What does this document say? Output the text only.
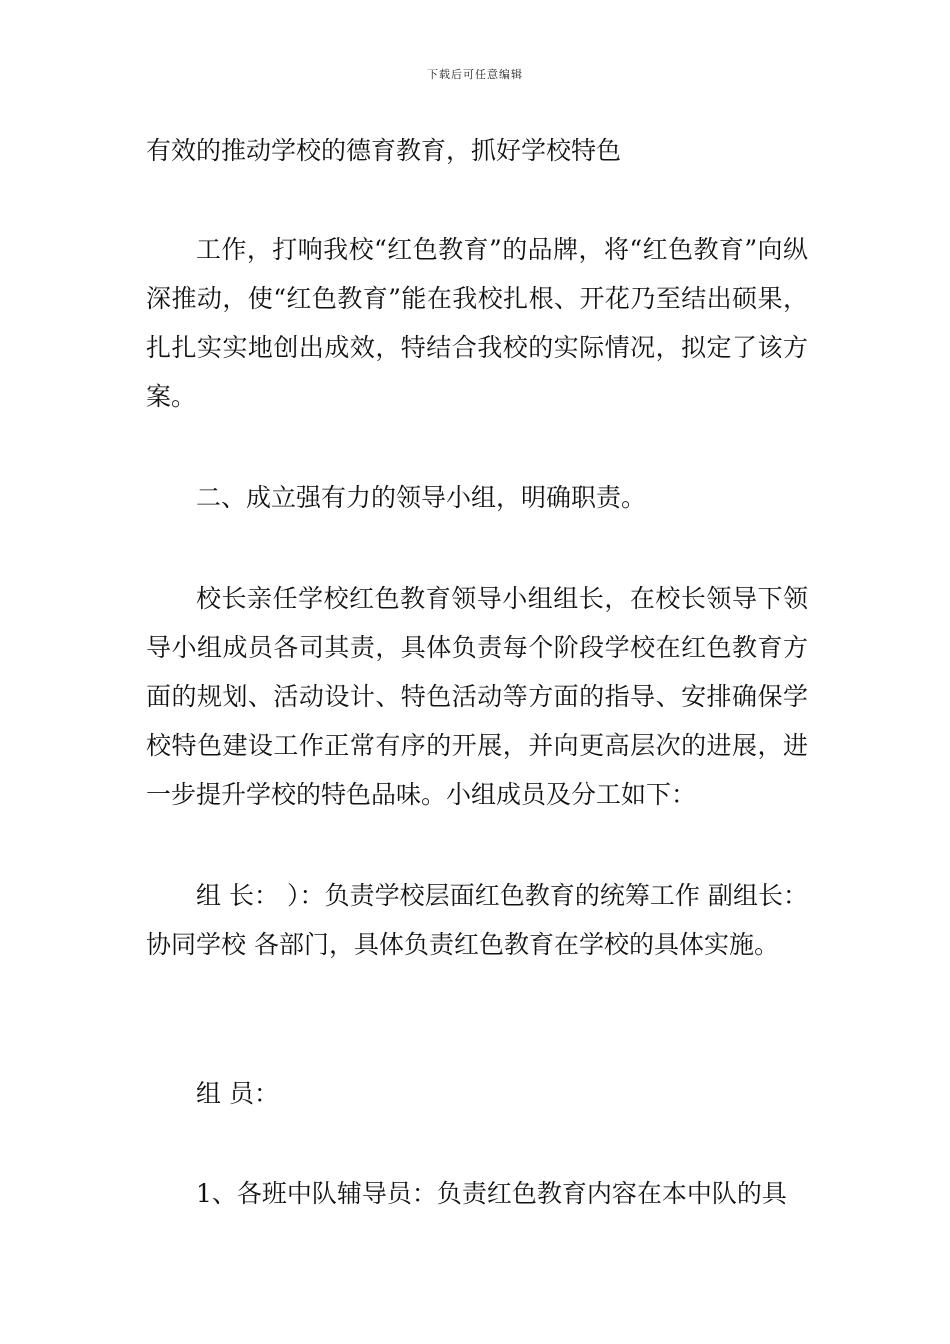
下载后可任意编辑

有效的推动学校的德育教育，抓好学校特色

工作，打响我校“红色教育”的品牌，将“红色教育”向纵深推动，使“红色教育”能在我校扎根、开花乃至结出硕果，扎扎实实地创出成效，特结合我校的实际情况，拟定了该方案。

二、成立强有力的领导小组，明确职责。

校长亲任学校红色教育领导小组组长，在校长领导下领导小组成员各司其责，具体负责每个阶段学校在红色教育方面的规划、活动设计、特色活动等方面的指导、安排确保学校特色建设工作正常有序的开展，并向更高层次的进展，进一步提升学校的特色品味。小组成员及分工如下：

组 长： ）：负责学校层面红色教育的统筹工作 副组长： 协同学校 各部门，具体负责红色教育在学校的具体实施。

组 员：

1、各班中队辅导员：负责红色教育内容在本中队的具
